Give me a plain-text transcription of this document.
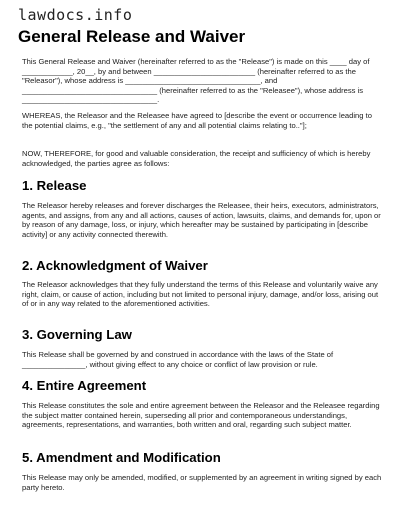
lawdocs.info

General Release and Waiver

This General Release and Waiver (hereinafter referred to as the "Release") is made on this ____ day of ____________, 20__, by and between ________________________ (hereinafter referred to as the "Releasor"), whose address is ________________________________, and ________________________________ (hereinafter referred to as the "Releasee"), whose address is ________________________________.

WHEREAS, the Releasor and the Releasee have agreed to [describe the event or occurrence leading to the potential claims, e.g., "the settlement of any and all potential claims relating to.."];

NOW, THEREFORE, for good and valuable consideration, the receipt and sufficiency of which is hereby acknowledged, the parties agree as follows:

1. Release

The Releasor hereby releases and forever discharges the Releasee, their heirs, executors, administrators, agents, and assigns, from any and all actions, causes of action, lawsuits, claims, and demands for, upon or by reason of any damage, loss, or injury, which hereafter may be sustained by participating in [describe activity] or any activity connected therewith.

2. Acknowledgment of Waiver

The Releasor acknowledges that they fully understand the terms of this Release and voluntarily waive any right, claim, or cause of action, including but not limited to personal injury, damage, and/or loss, arising out of or in any way related to the aforementioned activities.

3. Governing Law

This Release shall be governed by and construed in accordance with the laws of the State of _______________, without giving effect to any choice or conflict of law provision or rule.

4. Entire Agreement

This Release constitutes the sole and entire agreement between the Releasor and the Releasee regarding the subject matter contained herein, superseding all prior and contemporaneous understandings, agreements, representations, and warranties, both written and oral, regarding such subject matter.

5. Amendment and Modification

This Release may only be amended, modified, or supplemented by an agreement in writing signed by each party hereto.
